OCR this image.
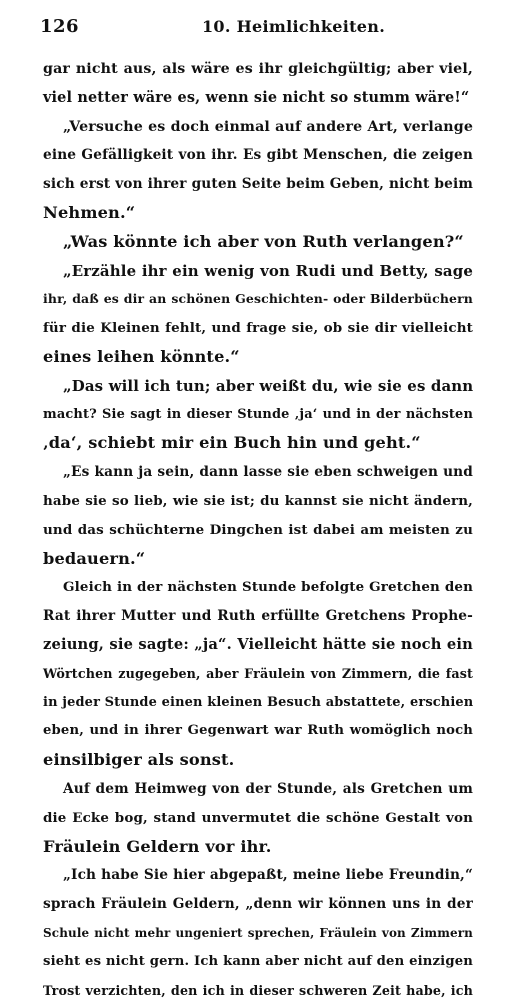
126	10. Heimlichkeiten.
gar nicht aus, als wäre es ihr gleichgültig; aber viel,
viel netter wäre es, wenn sie nicht so stumm wäre!“
„Versuche es doch einmal auf andere Art, verlange
eine Gefälligkeit von ihr. Es gibt Menschen, die zeigen
sich erst von ihrer guten Seite beim Geben, nicht beim
Nehmen.“
„Was könnte ich aber von Ruth verlangen?“
„Erzähle ihr ein wenig von Rudi und Betty, sage
ihr, daß es dir an schönen Geschichten- oder Bilderbüchern
für die Kleinen fehlt, und frage sie, ob sie dir vielleicht
eines leihen könnte.“
„Das will ich tun; aber weißt du, wie sie es dann
macht? Sie sagt in dieser Stunde ‚ja‘ und in der nächsten
‚da‘, schiebt mir ein Buch hin und geht.“
„Es kann ja sein, dann lasse sie eben schweigen und
habe sie so lieb, wie sie ist; du kannst sie nicht ändern,
und das schüchterne Dingchen ist dabei am meisten zu
bedauern.“
Gleich in der nächsten Stunde befolgte Gretchen den
Rat ihrer Mutter und Ruth erfüllte Gretchens Prophe-
zeiung, sie sagte: „ja“. Vielleicht hätte sie noch ein
Wörtchen zugegeben, aber Fräulein von Zimmern, die fast
in jeder Stunde einen kleinen Besuch abstattete, erschien
eben, und in ihrer Gegenwart war Ruth womöglich noch
einsilbiger als sonst.
Auf dem Heimweg von der Stunde, als Gretchen um
die Ecke bog, stand unvermutet die schöne Gestalt von
Fräulein Geldern vor ihr.
„Ich habe Sie hier abgepaßt, meine liebe Freundin,“
sprach Fräulein Geldern, „denn wir können uns in der
Schule nicht mehr ungeniert sprechen, Fräulein von Zimmern
sieht es nicht gern. Ich kann aber nicht auf den einzigen
Trost verzichten, den ich in dieser schweren Zeit habe, ich
